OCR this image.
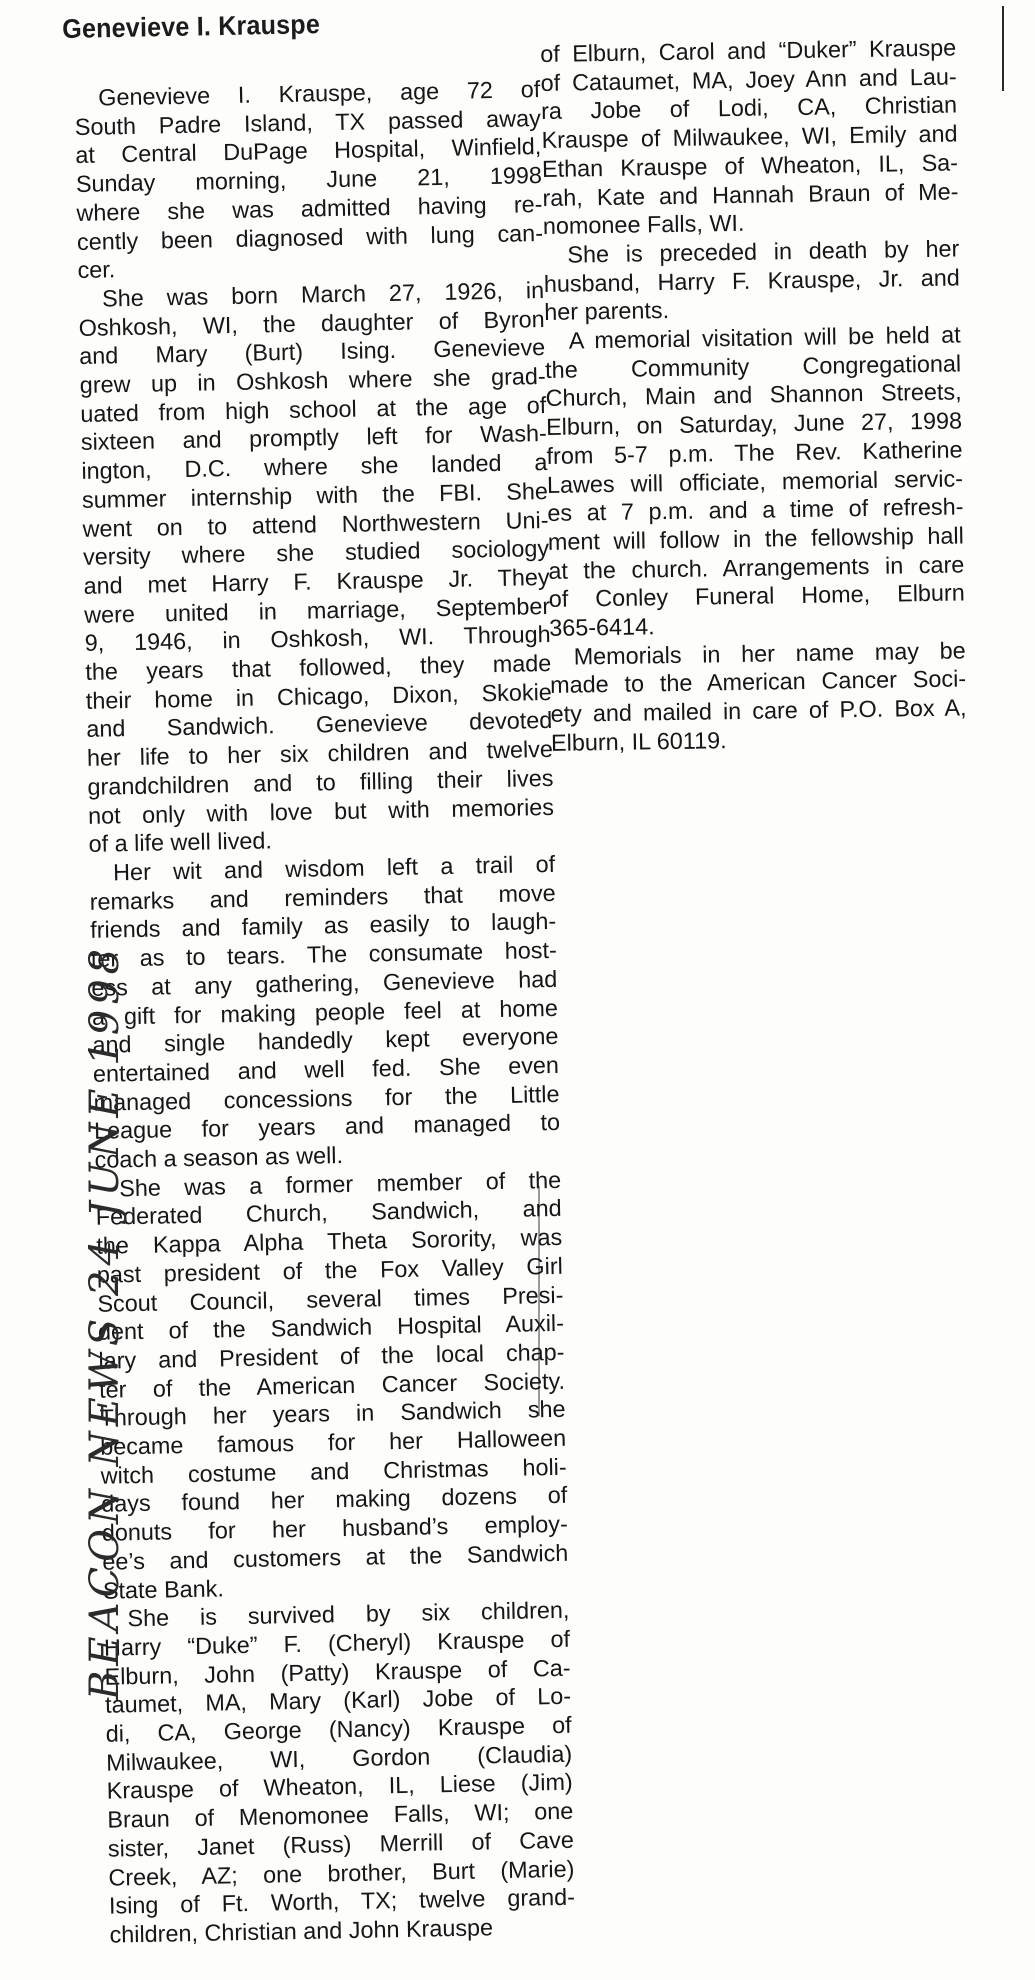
Genevieve I. Krauspe

Genevieve I. Krauspe, age 72 of
South Padre Island, TX passed away
at Central DuPage Hospital, Winfield,
Sunday morning, June 21, 1998
where she was admitted having re-
cently been diagnosed with lung can-
cer.

She was born March 27, 1926, in
Oshkosh, WI, the daughter of Byron
and Mary (Burt) Ising. Genevieve
grew up in Oshkosh where she grad-
uated from high school at the age of
sixteen and promptly left for Wash-
ington, D.C. where she landed a
summer internship with the FBI. She
went on to attend Northwestern Uni-
versity where she studied sociology
and met Harry F. Krauspe Jr. They
were united in marriage, September
9, 1946, in Oshkosh, WI. Through
the years that followed, they made
their home in Chicago, Dixon, Skokie
and Sandwich. Genevieve devoted
her life to her six children and twelve
grandchildren and to filling their lives
not only with love but with memories
of a life well lived.

Her wit and wisdom left a trail of
remarks and reminders that move
friends and family as easily to laugh-
ter as to tears. The consumate host-
ess at any gathering, Genevieve had
a gift for making people feel at home
and single handedly kept everyone
entertained and well fed. She even
managed concessions for the Little
League for years and managed to
coach a season as well.

She was a former member of the
Federated Church, Sandwich, and
the Kappa Alpha Theta Sorority, was
past president of the Fox Valley Girl
Scout Council, several times Presi-
dent of the Sandwich Hospital Auxil-
lary and President of the local chap-
ter of the American Cancer Society.
Through her years in Sandwich she
became famous for her Halloween
witch costume and Christmas holi-
days found her making dozens of
donuts for her husband’s employ-
ee’s and customers at the Sandwich
State Bank.

She is survived by six children,
Harry “Duke” F. (Cheryl) Krauspe of
Elburn, John (Patty) Krauspe of Ca-
taumet, MA, Mary (Karl) Jobe of Lo-
di, CA, George (Nancy) Krauspe of
Milwaukee, WI, Gordon (Claudia)
Krauspe of Wheaton, IL, Liese (Jim)
Braun of Menomonee Falls, WI; one
sister, Janet (Russ) Merrill of Cave
Creek, AZ; one brother, Burt (Marie)
Ising of Ft. Worth, TX; twelve grand-
children, Christian and John Krauspe

of Elburn, Carol and “Duker” Krauspe
of Cataumet, MA, Joey Ann and Lau-
ra Jobe of Lodi, CA, Christian
Krauspe of Milwaukee, WI, Emily and
Ethan Krauspe of Wheaton, IL, Sa-
rah, Kate and Hannah Braun of Me-
nomonee Falls, WI.

She is preceded in death by her
husband, Harry F. Krauspe, Jr. and
her parents.

A memorial visitation will be held at
the Community Congregational
Church, Main and Shannon Streets,
Elburn, on Saturday, June 27, 1998
from 5-7 p.m. The Rev. Katherine
Lawes will officiate, memorial servic-
es at 7 p.m. and a time of refresh-
ment will follow in the fellowship hall
at the church. Arrangements in care
of Conley Funeral Home, Elburn
365-6414.

Memorials in her name may be
made to the American Cancer Soci-
ety and mailed in care of P.O. Box A,
Elburn, IL 60119.

BEACON NEWS 24 JUNE 1998
